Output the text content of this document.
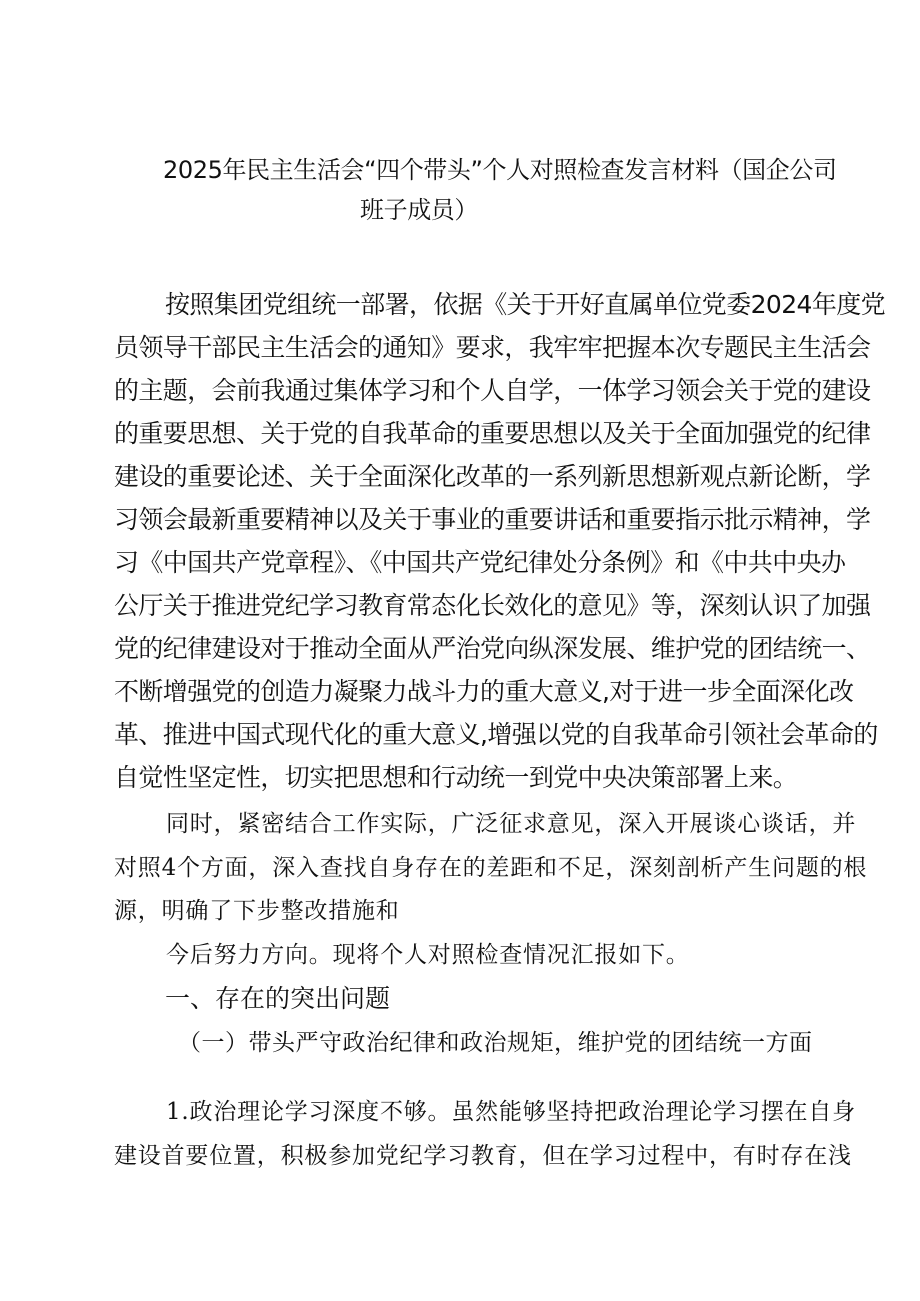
2025年民主生活会“四个带头”个人对照检查发言材料（国企公司
班子成员）
按照集团党组统一部署，依据《关于开好直属单位党委2024年度党
员领导干部民主生活会的通知》要求，我牢牢把握本次专题民主生活会
的主题，会前我通过集体学习和个人自学，一体学习领会关于党的建设
的重要思想、关于党的自我革命的重要思想以及关于全面加强党的纪律
建设的重要论述、关于全面深化改革的一系列新思想新观点新论断，学
习领会最新重要精神以及关于事业的重要讲话和重要指示批示精神，学
习《中国共产党章程》、《中国共产党纪律处分条例》和《中共中央办
公厅关于推进党纪学习教育常态化长效化的意见》等，深刻认识了加强
党的纪律建设对于推动全面从严治党向纵深发展、维护党的团结统一、
不断增强党的创造力凝聚力战斗力的重大意义,对于进一步全面深化改
革、推进中国式现代化的重大意义,增强以党的自我革命引领社会革命的
自觉性坚定性，切实把思想和行动统一到党中央决策部署上来。
同时，紧密结合工作实际，广泛征求意见，深入开展谈心谈话，并
对照4个方面，深入查找自身存在的差距和不足，深刻剖析产生问题的根
源，明确了下步整改措施和
今后努力方向。现将个人对照检查情况汇报如下。
一、存在的突出问题
（一）带头严守政治纪律和政治规矩，维护党的团结统一方面
1.政治理论学习深度不够。虽然能够坚持把政治理论学习摆在自身
建设首要位置，积极参加党纪学习教育，但在学习过程中，有时存在浅
